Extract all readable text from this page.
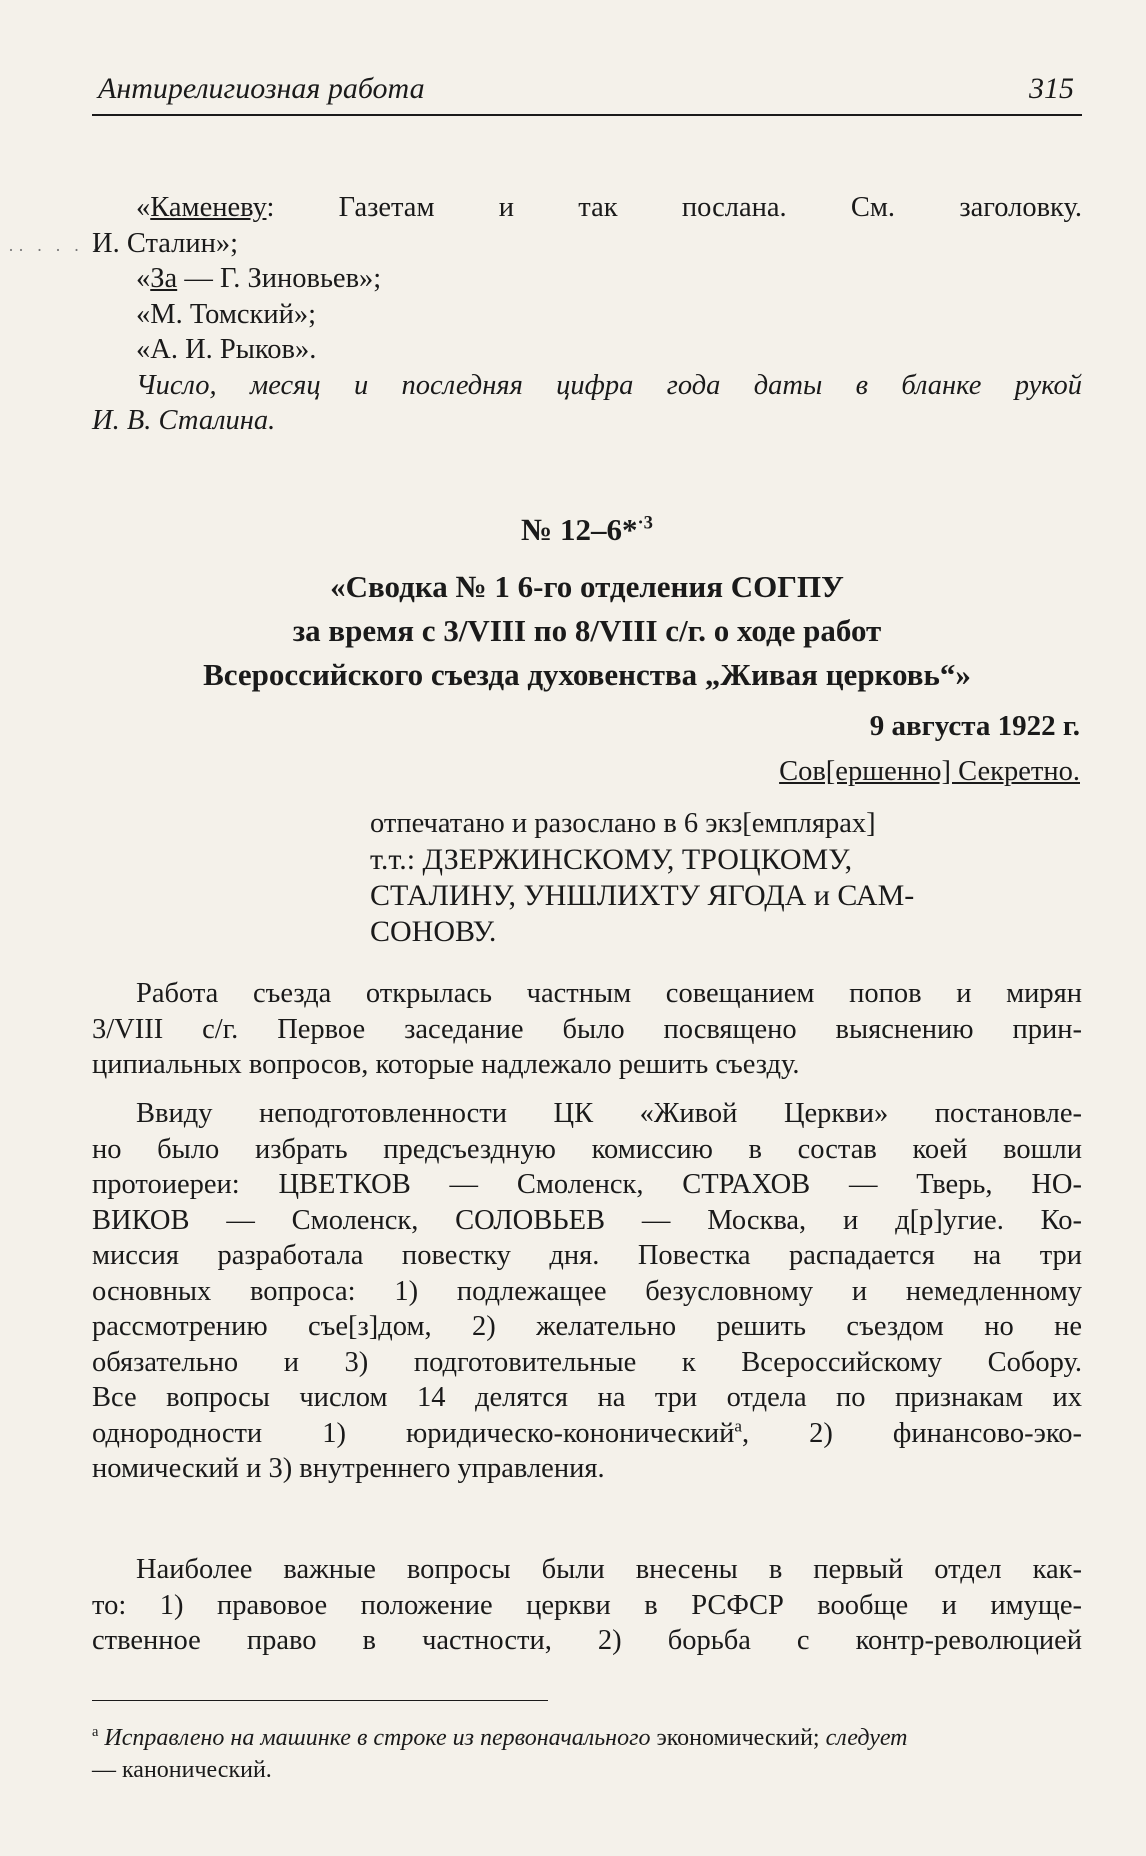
·· · · · ·
Антирелигиозная работа	315
«Каменеву: Газетам и так послана. См. заголовку.
И. Сталин»;
«За — Г. Зиновьев»;
«М. Томский»;
«А. И. Рыков».
Число, месяц и последняя цифра года даты в бланке рукой
И. В. Сталина.
№ 12–6*$^{\cdot 3}$
«Сводка № 1 6-го отделения СОГПУ
за время с 3/VIII по 8/VIII с/г. о ходе работ
Всероссийского съезда духовенства „Живая церковь“»
9 августа 1922 г.
Сов[ершенно] Секретно.
отпечатано и разослано в 6 экз[емплярах]
т.т.: ДЗЕРЖИНСКОМУ, ТРОЦКОМУ,
СТАЛИНУ, УНШЛИХТУ ЯГОДА и САМ-
СОНОВУ.
Работа съезда открылась частным совещанием попов и мирян
3/VIII с/г. Первое заседание было посвящено выяснению прин-
ципиальных вопросов, которые надлежало решить съезду.
Ввиду неподготовленности ЦК «Живой Церкви» постановле-
но было избрать предсъездную комиссию в состав коей вошли
протоиереи: ЦВЕТКОВ — Смоленск, СТРАХОВ — Тверь, НО-
ВИКОВ — Смоленск, СОЛОВЬЕВ — Москва, и д[р]угие. Ко-
миссия разработала повестку дня. Повестка распадается на три
основных вопроса: 1) подлежащее безусловному и немедленному
рассмотрению съе[з]дом, 2) желательно решить съездом но не
обязательно и 3) подготовительные к Всероссийскому Собору.
Все вопросы числом 14 делятся на три отдела по признакам их
однородности 1) юридическо-кононический$^а$, 2) финансово-эко-
номический и 3) внутреннего управления.
Наиболее важные вопросы были внесены в первый отдел как-
то: 1) правовое положение церкви в РСФСР вообще и имуще-
ственное право в частности, 2) борьба с контр-революцией
$^а$ Исправлено на машинке в строке из первоначального экономический; следует
— канонический.
